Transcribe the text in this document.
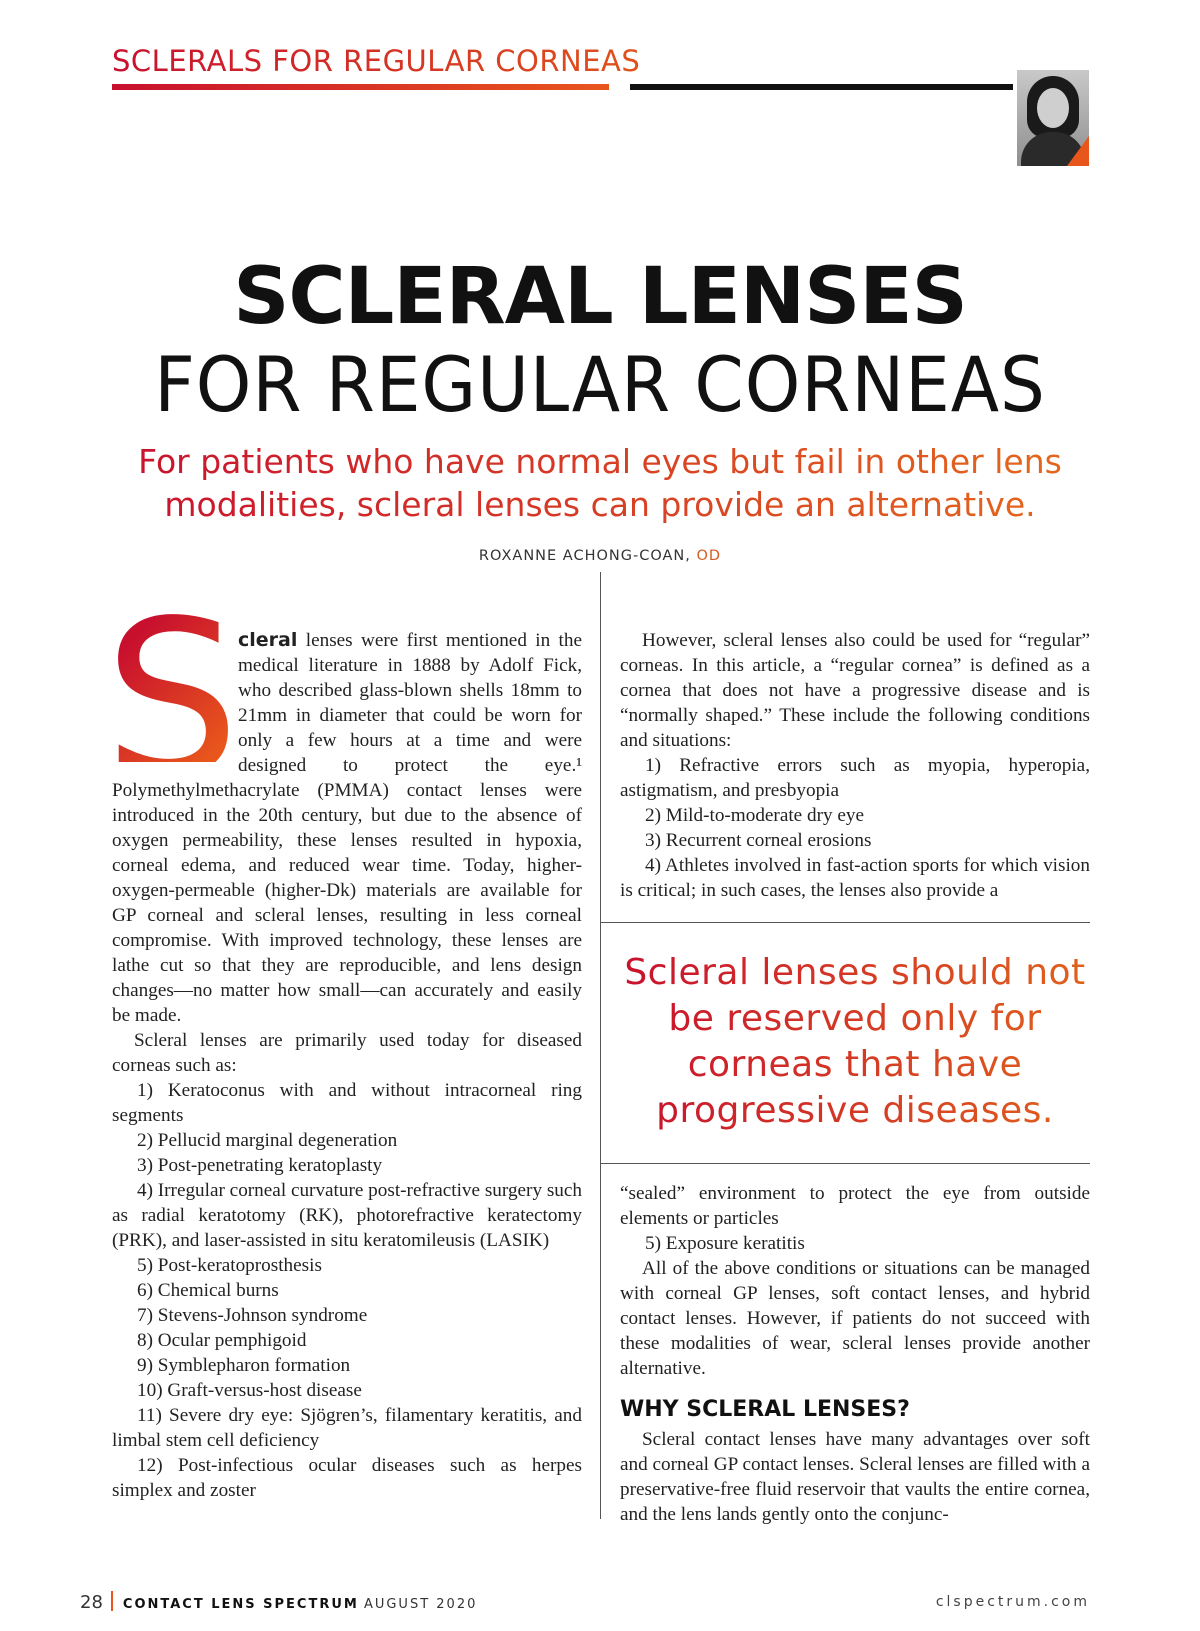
SCLERALS FOR REGULAR CORNEAS
SCLERAL LENSES
FOR REGULAR CORNEAS
For patients who have normal eyes but fail in other lens modalities, scleral lenses can provide an alternative.
ROXANNE ACHONG-COAN, OD
S

cleral lenses were first mentioned in the medical literature in 1888 by Adolf Fick, who described glass-blown shells 18mm to 21mm in diameter that could be worn for only a few hours at a time and were designed to protect the eye.¹ Polymethylmethacrylate (PMMA) contact lenses were introduced in the 20th century, but due to the absence of oxygen permeability, these lenses resulted in hypoxia, corneal edema, and reduced wear time. Today, higher-oxygen-permeable (higher-Dk) materials are available for GP corneal and scleral lenses, resulting in less corneal compromise. With improved technology, these lenses are lathe cut so that they are reproducible, and lens design changes—no matter how small—can accurately and easily be made.

Scleral lenses are primarily used today for diseased corneas such as:

1) Keratoconus with and without intracorneal ring segments

2) Pellucid marginal degeneration

3) Post-penetrating keratoplasty

4) Irregular corneal curvature post-refractive surgery such as radial keratotomy (RK), photorefractive keratectomy (PRK), and laser-assisted in situ keratomileusis (LASIK)

5) Post-keratoprosthesis

6) Chemical burns

7) Stevens-Johnson syndrome

8) Ocular pemphigoid

9) Symblepharon formation

10) Graft-versus-host disease

11) Severe dry eye: Sjögren’s, filamentary keratitis, and limbal stem cell deficiency

12) Post-infectious ocular diseases such as herpes simplex and zoster

However, scleral lenses also could be used for “regular” corneas. In this article, a “regular cornea” is defined as a cornea that does not have a progressive disease and is “normally shaped.” These include the following conditions and situations:

1) Refractive errors such as myopia, hyperopia, astigmatism, and presbyopia

2) Mild-to-moderate dry eye

3) Recurrent corneal erosions

4) Athletes involved in fast-action sports for which vision is critical; in such cases, the lenses also provide a

Scleral lenses should not be reserved only for corneas that have progressive diseases.

“sealed” environment to protect the eye from outside elements or particles

5) Exposure keratitis

All of the above conditions or situations can be managed with corneal GP lenses, soft contact lenses, and hybrid contact lenses. However, if patients do not succeed with these modalities of wear, scleral lenses provide another alternative.

WHY SCLERAL LENSES?

Scleral contact lenses have many advantages over soft and corneal GP contact lenses. Scleral lenses are filled with a preservative-free fluid reservoir that vaults the entire cornea, and the lens lands gently onto the conjunc-

28 CONTACT LENS SPECTRUM AUGUST 2020	clspectrum.com
